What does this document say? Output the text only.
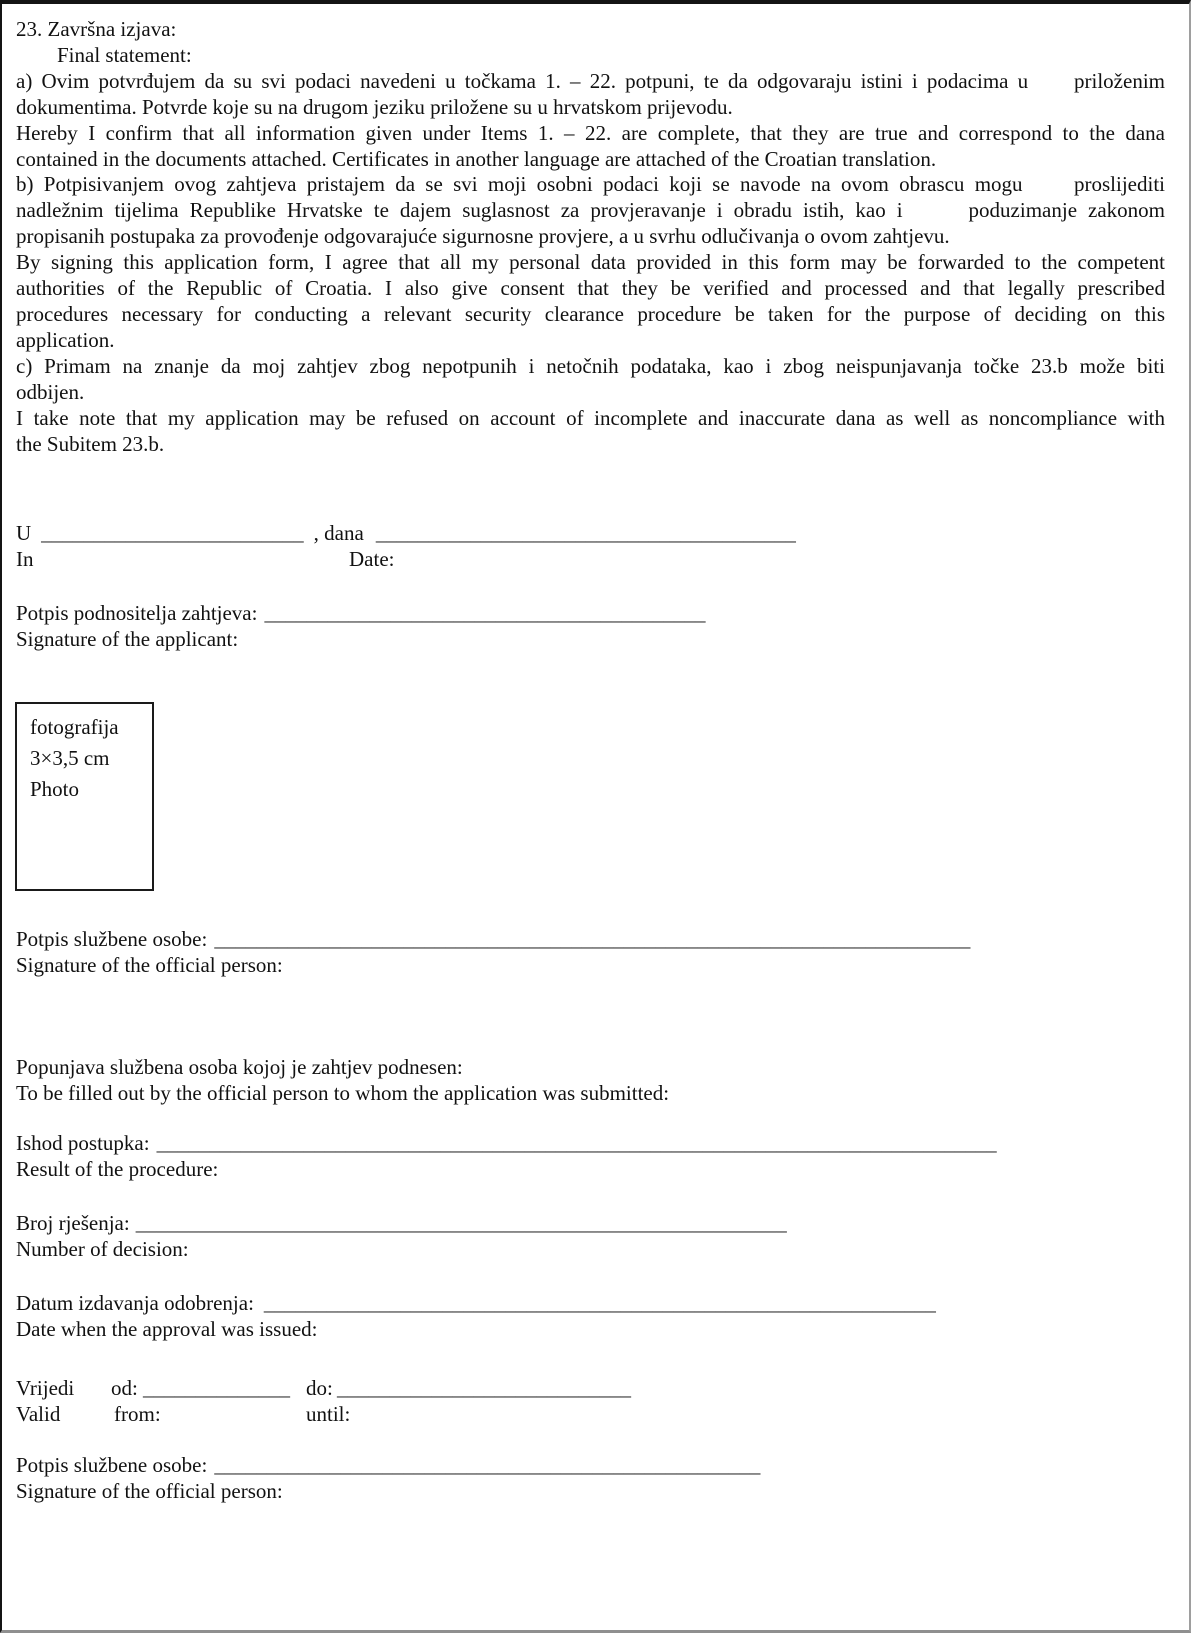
23. Završna izjava:
Final statement:
a) Ovim potvrđujem da su svi podaci navedeni u točkama 1. – 22. potpuni, te da odgovaraju istini i podacima u     priloženim
dokumentima. Potvrde koje su na drugom jeziku priložene su u hrvatskom prijevodu.
Hereby I confirm that all information given under Items 1. – 22. are complete, that they are true and correspond to the dana
contained in the documents attached. Certificates in another language are attached of the Croatian translation.
b) Potpisivanjem ovog zahtjeva pristajem da se svi moji osobni podaci koji se navode na ovom obrascu mogu     proslijediti
nadležnim tijelima Republike Hrvatske te dajem suglasnost za provjeravanje i obradu istih, kao i      poduzimanje zakonom
propisanih postupaka za provođenje odgovarajuće sigurnosne provjere, a u svrhu odlučivanja o ovom zahtjevu.
By signing this application form, I agree that all my personal data provided in this form may be forwarded to the competent
authorities of the Republic of Croatia. I also give consent that they be verified and processed and that legally prescribed
procedures necessary for conducting a relevant security clearance procedure be taken for the purpose of deciding on this
application.
c) Primam na znanje da moj zahtjev zbog nepotpunih i netočnih podataka, kao i zbog neispunjavanja točke 23.b može biti
odbijen.
I take note that my application may be refused on account of incomplete and inaccurate dana as well as noncompliance with
the Subitem 23.b.
U _________________________ , dana ________________________________________
In	Date:
Potpis podnositelja zahtjeva: __________________________________________
Signature of the applicant:
fotografija
3×3,5 cm
Photo
Potpis službene osobe: ________________________________________________________________________
Signature of the official person:
Popunjava službena osoba kojoj je zahtjev podnesen:
To be filled out by the official person to whom the application was submitted:
Ishod postupka: ________________________________________________________________________________
Result of the procedure:
Broj rješenja: ______________________________________________________________
Number of decision:
Datum izdavanja odobrenja: ________________________________________________________________
Date when the approval was issued:
Vrijedi od: ______________ do: ____________________________
Valid	from:	until:
Potpis službene osobe: ____________________________________________________
Signature of the official person:
